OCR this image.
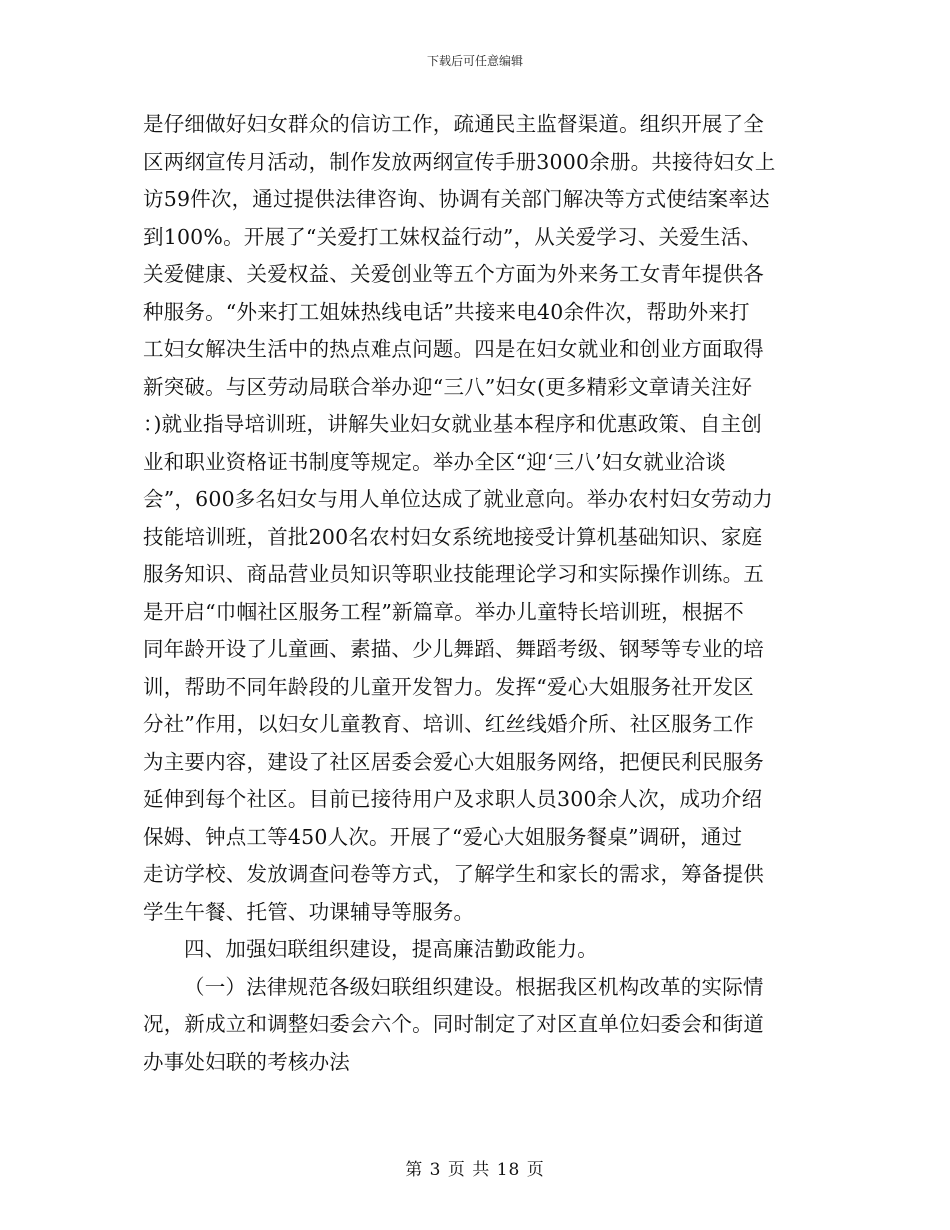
下载后可任意编辑
是仔细做好妇女群众的信访工作，疏通民主监督渠道。组织开展了全
区两纲宣传月活动，制作发放两纲宣传手册3000余册。共接待妇女上
访59件次，通过提供法律咨询、协调有关部门解决等方式使结案率达
到100%。开展了“关爱打工妹权益行动”，从关爱学习、关爱生活、
关爱健康、关爱权益、关爱创业等五个方面为外来务工女青年提供各
种服务。“外来打工姐妹热线电话”共接来电40余件次，帮助外来打
工妇女解决生活中的热点难点问题。四是在妇女就业和创业方面取得
新突破。与区劳动局联合举办迎“三八”妇女(更多精彩文章请关注好
：)就业指导培训班，讲解失业妇女就业基本程序和优惠政策、自主创
业和职业资格证书制度等规定。举办全区“迎‘三八’妇女就业洽谈
会”，600多名妇女与用人单位达成了就业意向。举办农村妇女劳动力
技能培训班，首批200名农村妇女系统地接受计算机基础知识、家庭
服务知识、商品营业员知识等职业技能理论学习和实际操作训练。五
是开启“巾帼社区服务工程”新篇章。举办儿童特长培训班，根据不
同年龄开设了儿童画、素描、少儿舞蹈、舞蹈考级、钢琴等专业的培
训，帮助不同年龄段的儿童开发智力。发挥“爱心大姐服务社开发区
分社”作用，以妇女儿童教育、培训、红丝线婚介所、社区服务工作
为主要内容，建设了社区居委会爱心大姐服务网络，把便民利民服务
延伸到每个社区。目前已接待用户及求职人员300余人次，成功介绍
保姆、钟点工等450人次。开展了“爱心大姐服务餐桌”调研，通过
走访学校、发放调查问卷等方式，了解学生和家长的需求，筹备提供
学生午餐、托管、功课辅导等服务。
四、加强妇联组织建设，提高廉洁勤政能力。
（一）法律规范各级妇联组织建设。根据我区机构改革的实际情
况，新成立和调整妇委会六个。同时制定了对区直单位妇委会和街道
办事处妇联的考核办法
第 3 页 共 18 页
